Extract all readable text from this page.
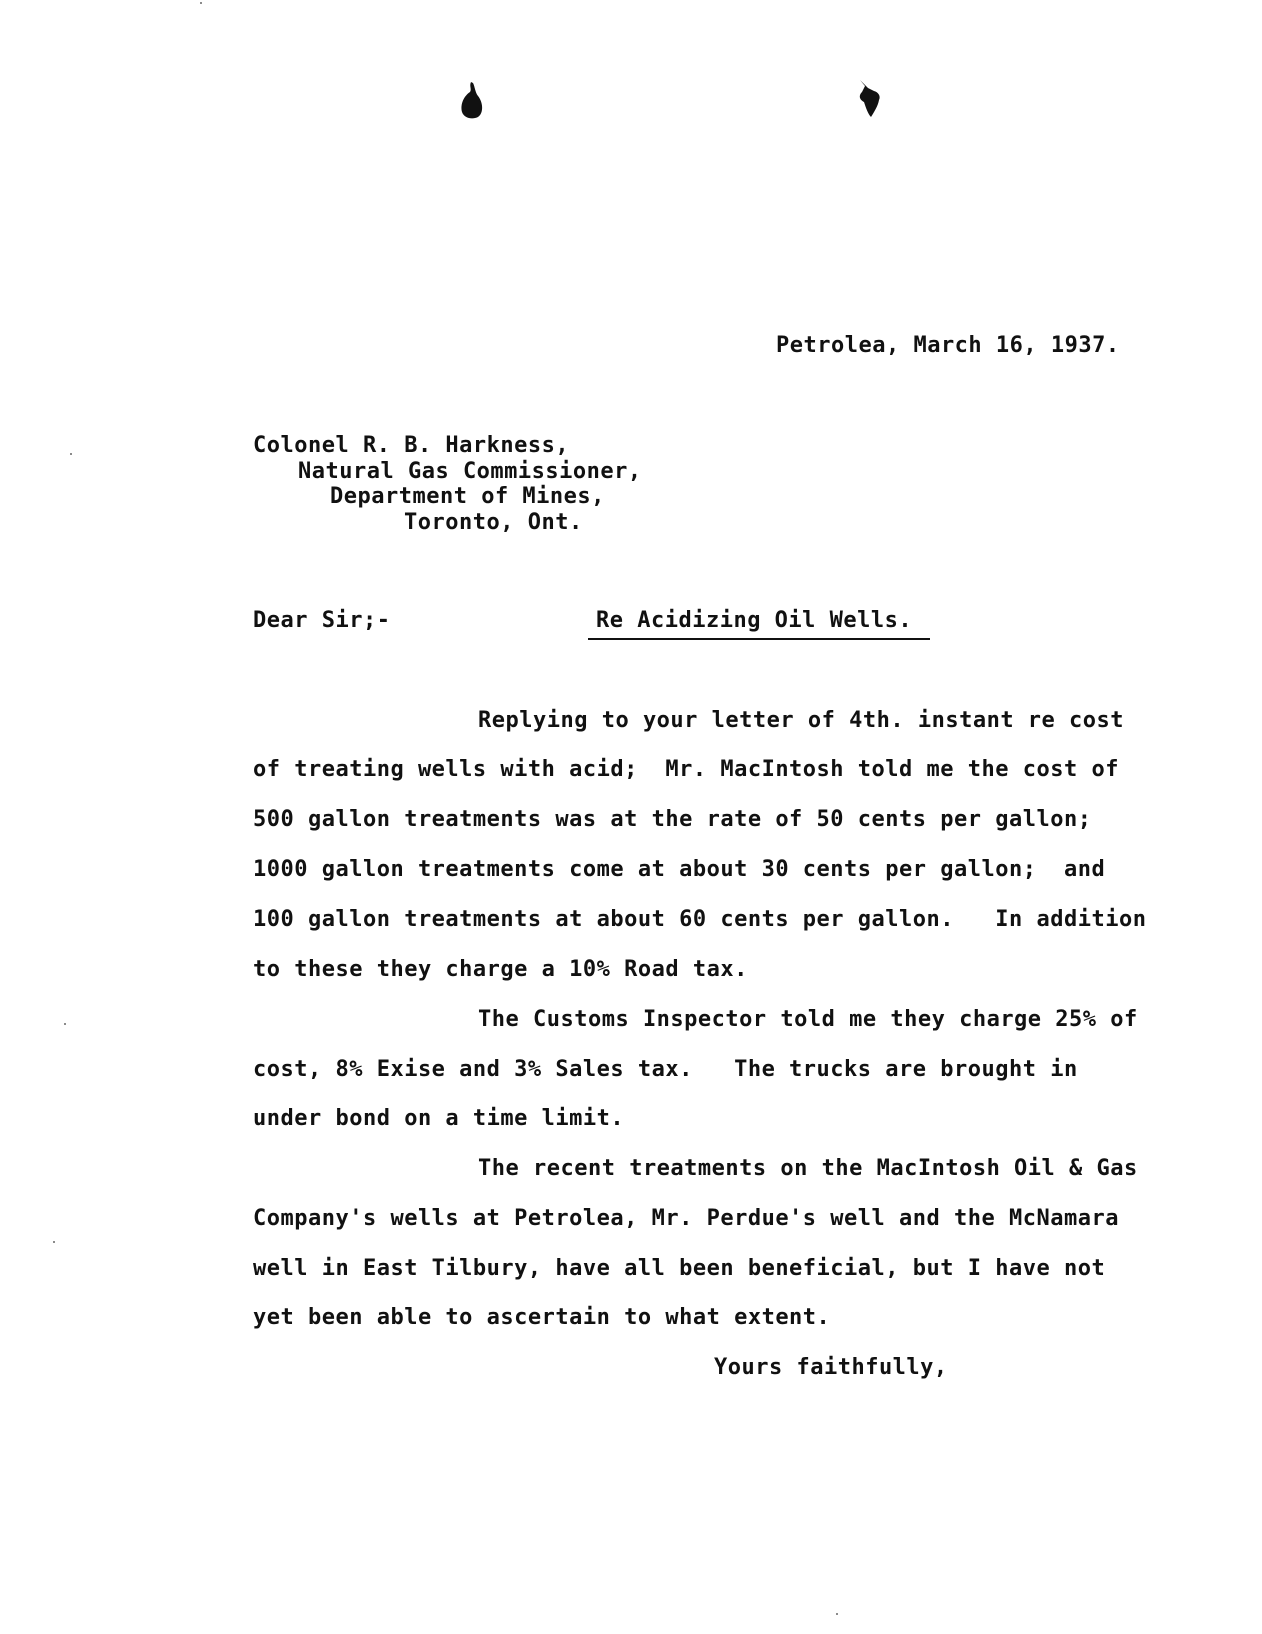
Petrolea, March 16, 1937.
Colonel R. B. Harkness,
Natural Gas Commissioner,
Department of Mines,
Toronto, Ont.
Dear Sir;-	Re Acidizing Oil Wells.
Replying to your letter of 4th. instant re cost
of treating wells with acid;  Mr. MacIntosh told me the cost of
500 gallon treatments was at the rate of 50 cents per gallon;
1000 gallon treatments come at about 30 cents per gallon;  and
100 gallon treatments at about 60 cents per gallon.   In addition
to these they charge a 10% Road tax.
The Customs Inspector told me they charge 25% of
cost, 8% Exise and 3% Sales tax.   The trucks are brought in
under bond on a time limit.
The recent treatments on the MacIntosh Oil & Gas
Company's wells at Petrolea, Mr. Perdue's well and the McNamara
well in East Tilbury, have all been beneficial, but I have not
yet been able to ascertain to what extent.
Yours faithfully,
